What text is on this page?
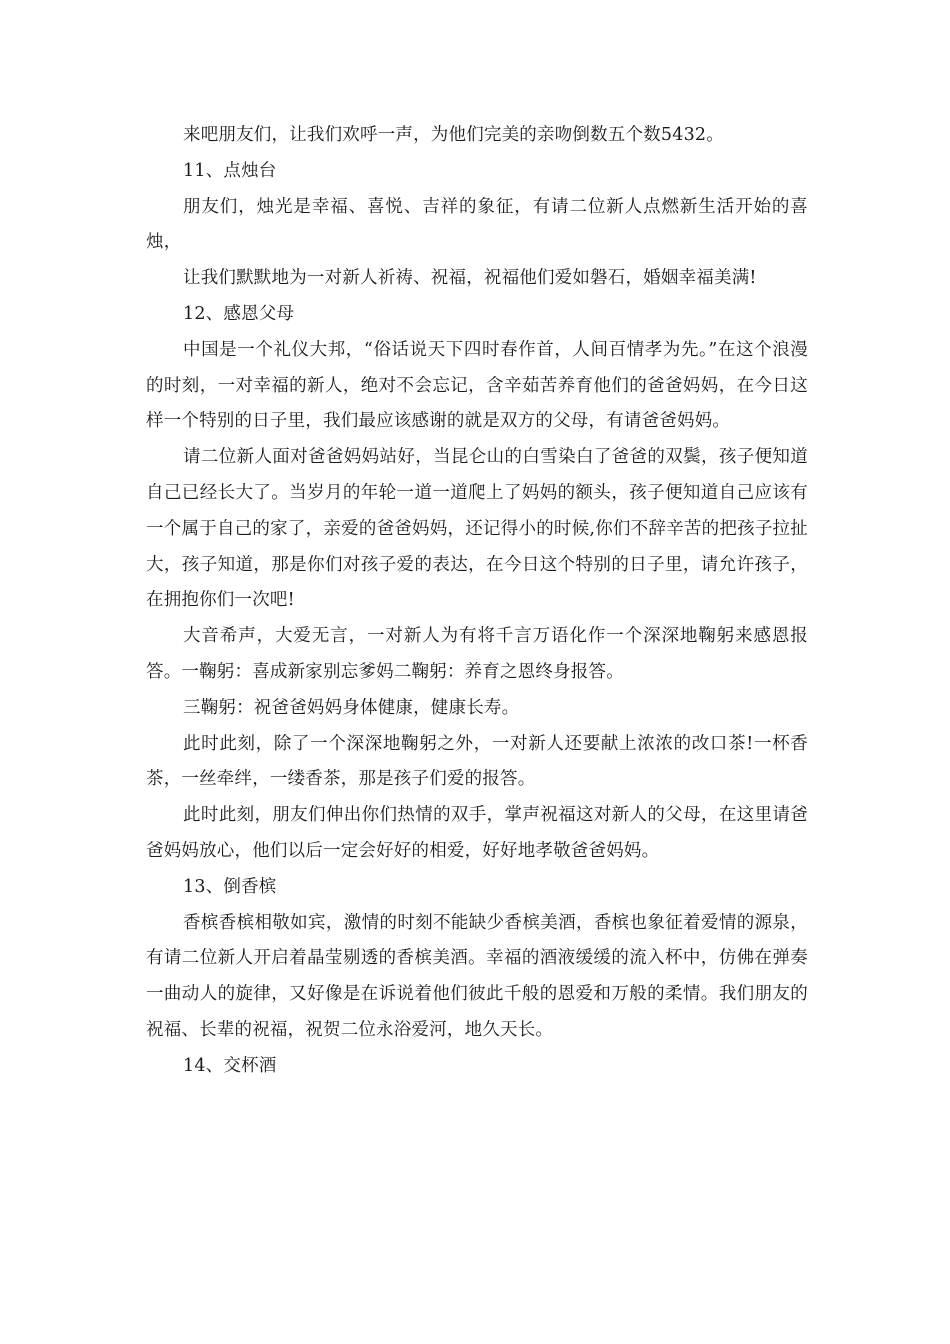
来吧朋友们，让我们欢呼一声，为他们完美的亲吻倒数五个数5432。

11、点烛台

朋友们，烛光是幸福、喜悦、吉祥的象征，有请二位新人点燃新生活开始的喜烛，

让我们默默地为一对新人祈祷、祝福，祝福他们爱如磐石，婚姻幸福美满!

12、感恩父母

中国是一个礼仪大邦，“俗话说天下四时春作首，人间百情孝为先。”在这个浪漫的时刻，一对幸福的新人，绝对不会忘记，含辛茹苦养育他们的爸爸妈妈，在今日这样一个特别的日子里，我们最应该感谢的就是双方的父母，有请爸爸妈妈。

请二位新人面对爸爸妈妈站好，当昆仑山的白雪染白了爸爸的双鬓，孩子便知道自己已经长大了。当岁月的年轮一道一道爬上了妈妈的额头，孩子便知道自己应该有一个属于自己的家了，亲爱的爸爸妈妈，还记得小的时候,你们不辞辛苦的把孩子拉扯大，孩子知道，那是你们对孩子爱的表达，在今日这个特别的日子里，请允许孩子，在拥抱你们一次吧!

大音希声，大爱无言，一对新人为有将千言万语化作一个深深地鞠躬来感恩报答。一鞠躬：喜成新家别忘爹妈二鞠躬：养育之恩终身报答。

三鞠躬：祝爸爸妈妈身体健康，健康长寿。

此时此刻，除了一个深深地鞠躬之外，一对新人还要献上浓浓的改口茶!一杯香茶，一丝牵绊，一缕香茶，那是孩子们爱的报答。

此时此刻，朋友们伸出你们热情的双手，掌声祝福这对新人的父母，在这里请爸爸妈妈放心，他们以后一定会好好的相爱，好好地孝敬爸爸妈妈。

13、倒香槟

香槟香槟相敬如宾，激情的时刻不能缺少香槟美酒，香槟也象征着爱情的源泉，有请二位新人开启着晶莹剔透的香槟美酒。幸福的酒液缓缓的流入杯中，仿佛在弹奏一曲动人的旋律，又好像是在诉说着他们彼此千般的恩爱和万般的柔情。我们朋友的祝福、长辈的祝福，祝贺二位永浴爱河，地久天长。

14、交杯酒
